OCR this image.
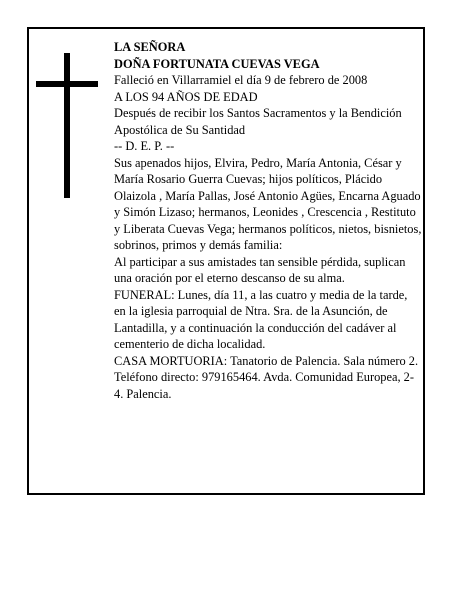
LA SEÑORA

DOÑA FORTUNATA CUEVAS VEGA

Falleció en Villarramiel el día 9 de febrero de 2008

A LOS 94 AÑOS DE EDAD

Después de recibir los Santos Sacramentos y la Bendición Apostólica de Su Santidad

-- D. E. P. --

Sus apenados hijos, Elvira, Pedro, María Antonia, César y María Rosario Guerra Cuevas; hijos políticos, Plácido Olaizola , María Pallas, José Antonio Agües, Encarna Aguado y Simón Lizaso; hermanos, Leonides , Crescencia , Restituto y Liberata Cuevas Vega; hermanos políticos, nietos, bisnietos, sobrinos, primos y demás familia:

Al participar a sus amistades tan sensible pérdida, suplican una oración por el eterno descanso de su alma.

FUNERAL: Lunes, día 11, a las cuatro y media de la tarde, en la iglesia parroquial de Ntra. Sra. de la Asunción, de Lantadilla, y a continuación la conducción del cadáver al cementerio de dicha localidad.

CASA MORTUORIA: Tanatorio de Palencia. Sala número 2. Teléfono directo: 979165464. Avda. Comunidad Europea, 2-4. Palencia.
